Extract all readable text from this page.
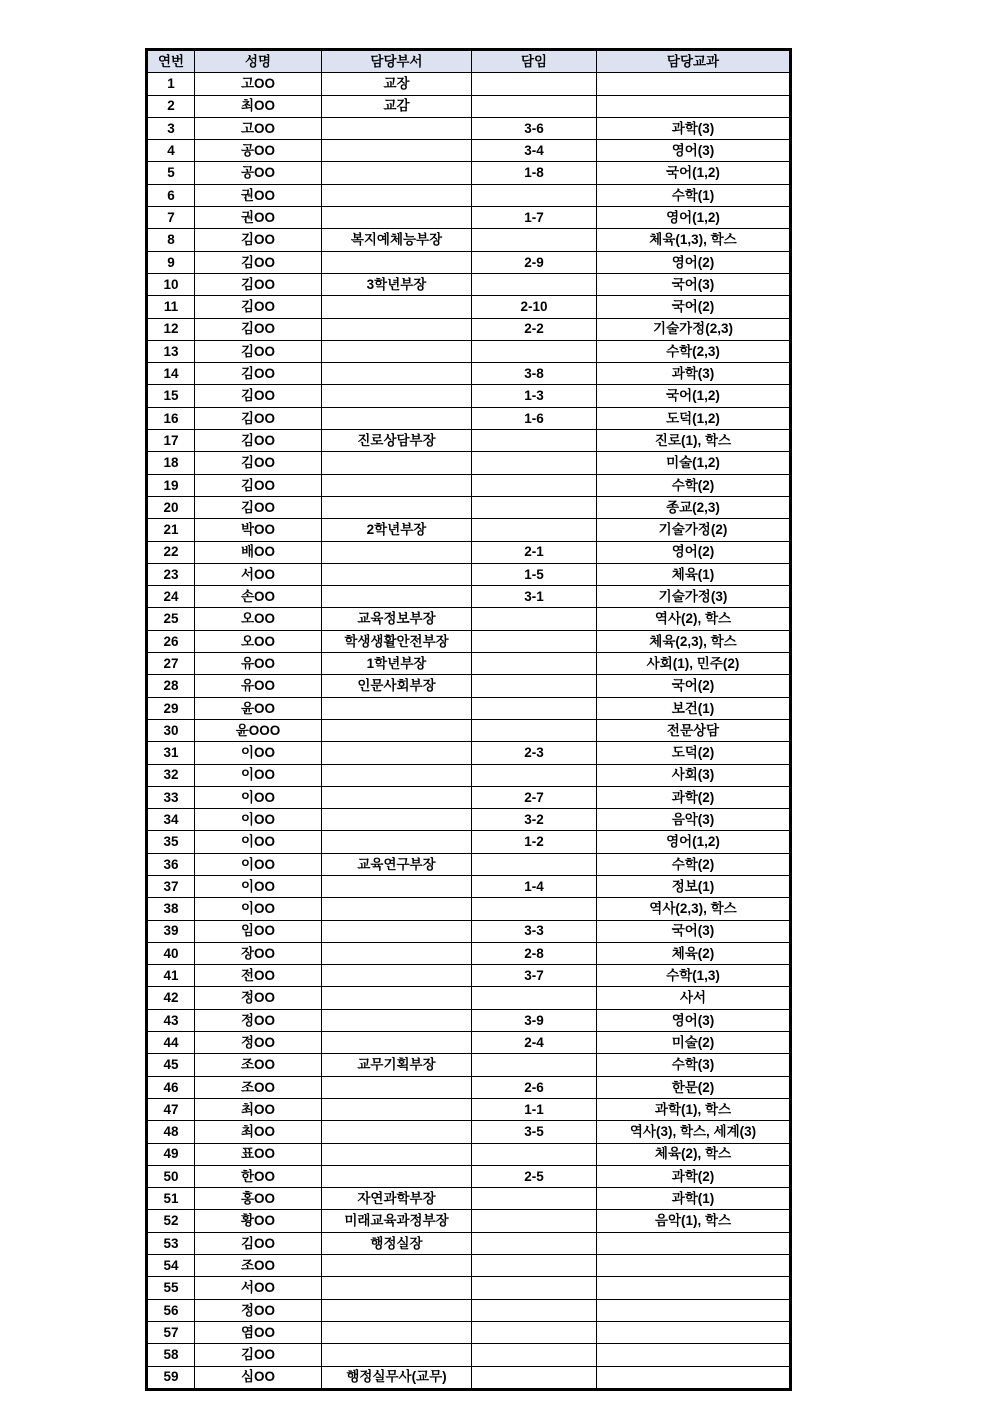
연번	성명	담당부서	담임	담당교과
1	고OO	교장		
2	최OO	교감		
3	고OO		3-6	과학(3)
4	공OO		3-4	영어(3)
5	공OO		1-8	국어(1,2)
6	권OO			수학(1)
7	권OO		1-7	영어(1,2)
8	김OO	복지예체능부장		체육(1,3), 학스
9	김OO		2-9	영어(2)
10	김OO	3학년부장		국어(3)
11	김OO		2-10	국어(2)
12	김OO		2-2	기술가정(2,3)
13	김OO			수학(2,3)
14	김OO		3-8	과학(3)
15	김OO		1-3	국어(1,2)
16	김OO		1-6	도덕(1,2)
17	김OO	진로상담부장		진로(1), 학스
18	김OO			미술(1,2)
19	김OO			수학(2)
20	김OO			종교(2,3)
21	박OO	2학년부장		기술가정(2)
22	배OO		2-1	영어(2)
23	서OO		1-5	체육(1)
24	손OO		3-1	기술가정(3)
25	오OO	교육정보부장		역사(2), 학스
26	오OO	학생생활안전부장		체육(2,3), 학스
27	유OO	1학년부장		사회(1), 민주(2)
28	유OO	인문사회부장		국어(2)
29	윤OO			보건(1)
30	윤OOO			전문상담
31	이OO		2-3	도덕(2)
32	이OO			사회(3)
33	이OO		2-7	과학(2)
34	이OO		3-2	음악(3)
35	이OO		1-2	영어(1,2)
36	이OO	교육연구부장		수학(2)
37	이OO		1-4	정보(1)
38	이OO			역사(2,3), 학스
39	임OO		3-3	국어(3)
40	장OO		2-8	체육(2)
41	전OO		3-7	수학(1,3)
42	정OO			사서
43	정OO		3-9	영어(3)
44	정OO		2-4	미술(2)
45	조OO	교무기획부장		수학(3)
46	조OO		2-6	한문(2)
47	최OO		1-1	과학(1), 학스
48	최OO		3-5	역사(3), 학스, 세계(3)
49	표OO			체육(2), 학스
50	한OO		2-5	과학(2)
51	홍OO	자연과학부장		과학(1)
52	황OO	미래교육과정부장		음악(1), 학스
53	김OO	행정실장		
54	조OO			
55	서OO			
56	정OO			
57	염OO			
58	김OO			
59	심OO	행정실무사(교무)		
